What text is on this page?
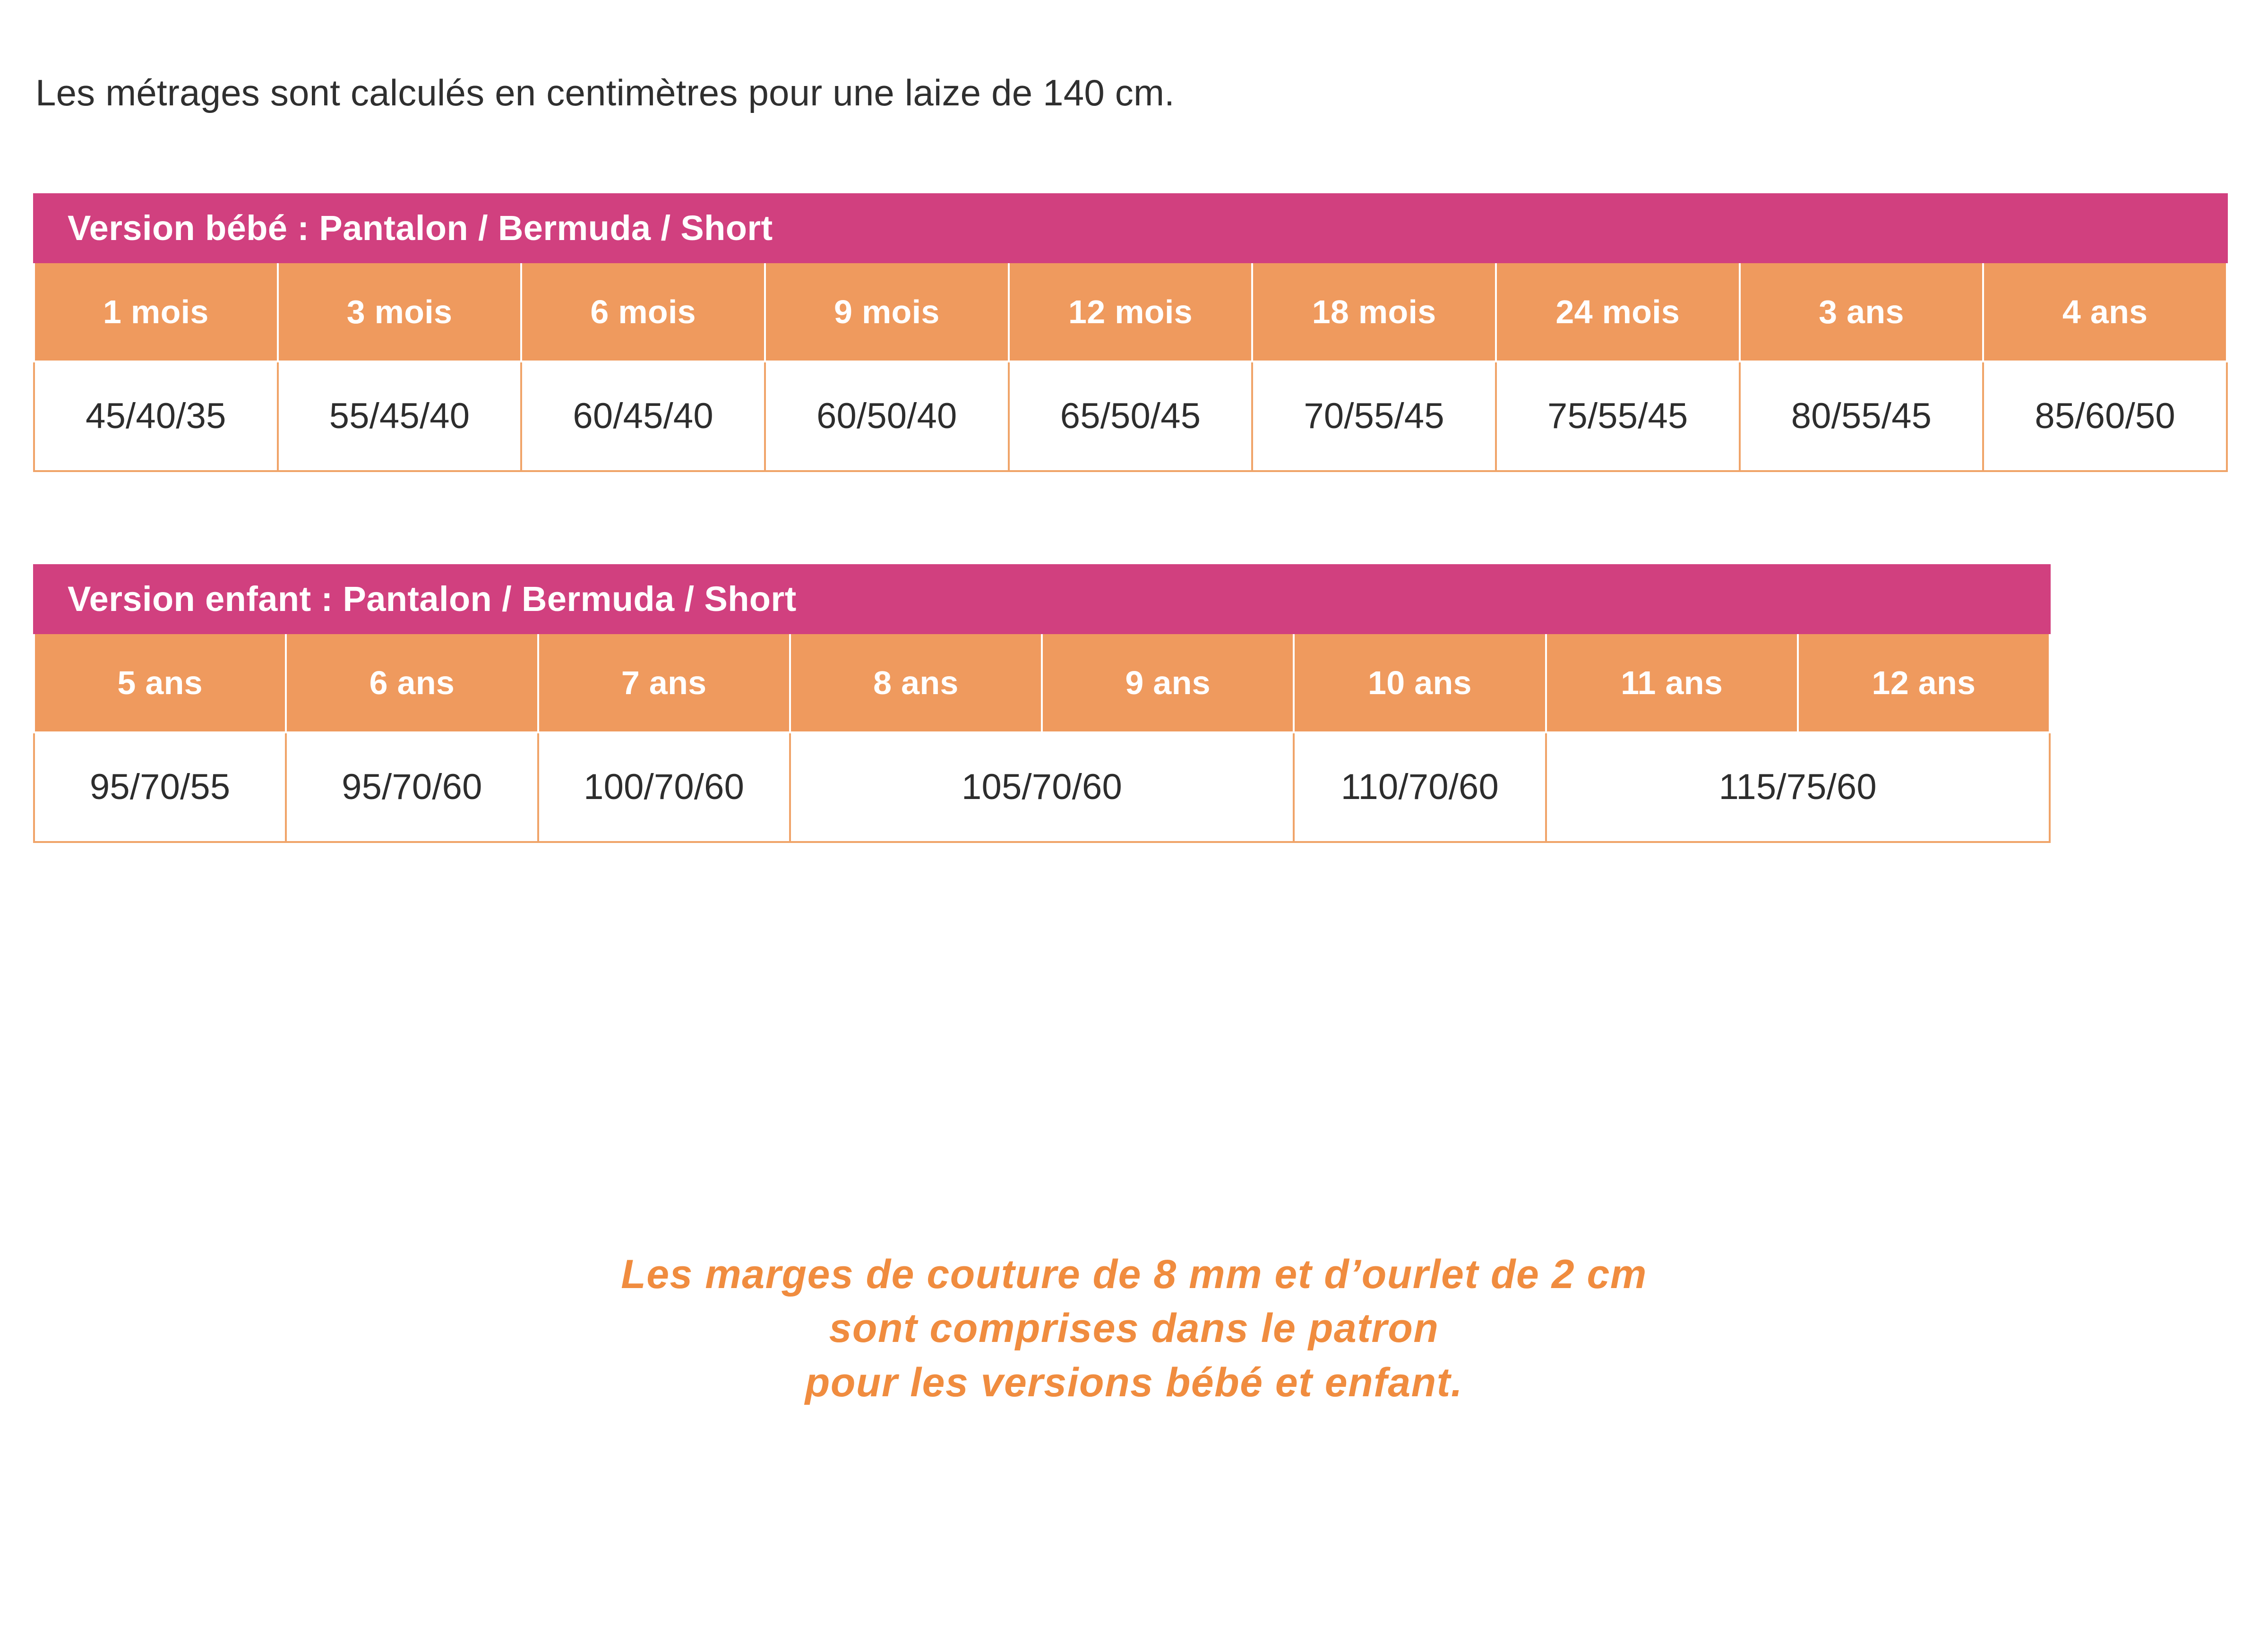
Les métrages sont calculés en centimètres pour une laize de 140 cm.

Version bébé : Pantalon / Bermuda / Short
1 mois	3 mois	6 mois	9 mois	12 mois	18 mois	24 mois	3 ans	4 ans
45/40/35	55/45/40	60/45/40	60/50/40	65/50/45	70/55/45	75/55/45	80/55/45	85/60/50
Version enfant : Pantalon / Bermuda / Short
5 ans	6 ans	7 ans	8 ans	9 ans	10 ans	11 ans	12 ans
95/70/55	95/70/60	100/70/60	105/70/60		110/70/60	115/75/60	
Les marges de couture de 8 mm et d’ourlet de 2 cm
sont comprises dans le patron
pour les versions bébé et enfant.
